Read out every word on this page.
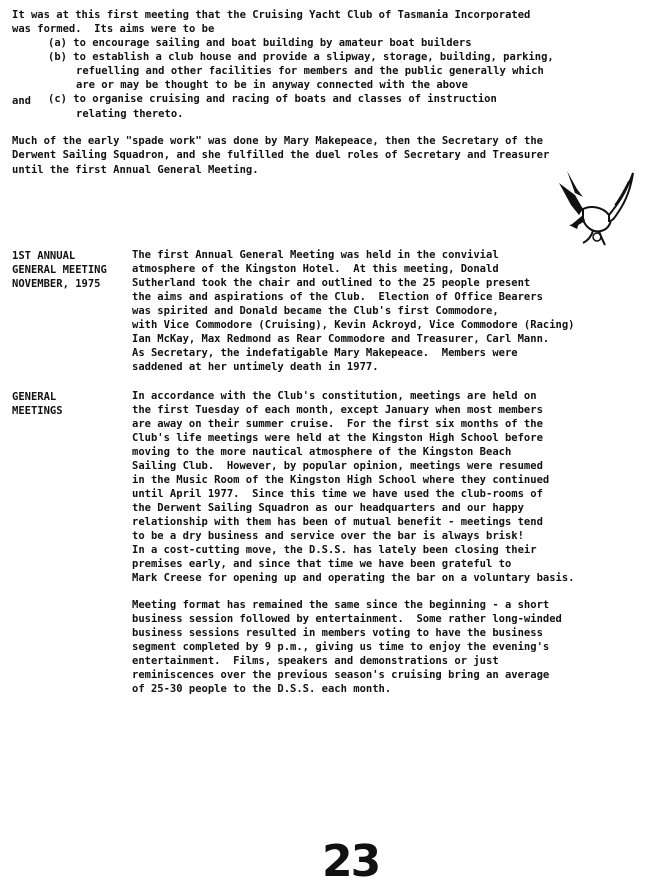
It was at this first meeting that the Cruising Yacht Club of Tasmania Incorporated
was formed.  Its aims were to be
(a) to encourage sailing and boat building by amateur boat builders
(b) to establish a club house and provide a slipway, storage, building, parking,
refuelling and other facilities for members and the public generally which
are or may be thought to be in anyway connected with the above
and (c) to organise cruising and racing of boats and classes of instruction
relating thereto.
Much of the early "spade work" was done by Mary Makepeace, then the Secretary of the
Derwent Sailing Squadron, and she fulfilled the duel roles of Secretary and Treasurer
until the first Annual General Meeting.
1ST ANNUAL
GENERAL MEETING
NOVEMBER, 1975
The first Annual General Meeting was held in the convivial
atmosphere of the Kingston Hotel.  At this meeting, Donald
Sutherland took the chair and outlined to the 25 people present
the aims and aspirations of the Club.  Election of Office Bearers
was spirited and Donald became the Club's first Commodore,
with Vice Commodore (Cruising), Kevin Ackroyd, Vice Commodore (Racing)
Ian McKay, Max Redmond as Rear Commodore and Treasurer, Carl Mann.
As Secretary, the indefatigable Mary Makepeace.  Members were
saddened at her untimely death in 1977.
GENERAL
MEETINGS
In accordance with the Club's constitution, meetings are held on
the first Tuesday of each month, except January when most members
are away on their summer cruise.  For the first six months of the
Club's life meetings were held at the Kingston High School before
moving to the more nautical atmosphere of the Kingston Beach
Sailing Club.  However, by popular opinion, meetings were resumed
in the Music Room of the Kingston High School where they continued
until April 1977.  Since this time we have used the club-rooms of
the Derwent Sailing Squadron as our headquarters and our happy
relationship with them has been of mutual benefit - meetings tend
to be a dry business and service over the bar is always brisk!
In a cost-cutting move, the D.S.S. has lately been closing their
premises early, and since that time we have been grateful to
Mark Creese for opening up and operating the bar on a voluntary basis.
Meeting format has remained the same since the beginning - a short
business session followed by entertainment.  Some rather long-winded
business sessions resulted in members voting to have the business
segment completed by 9 p.m., giving us time to enjoy the evening's
entertainment.  Films, speakers and demonstrations or just
reminiscences over the previous season's cruising bring an average
of 25-30 people to the D.S.S. each month.
23
